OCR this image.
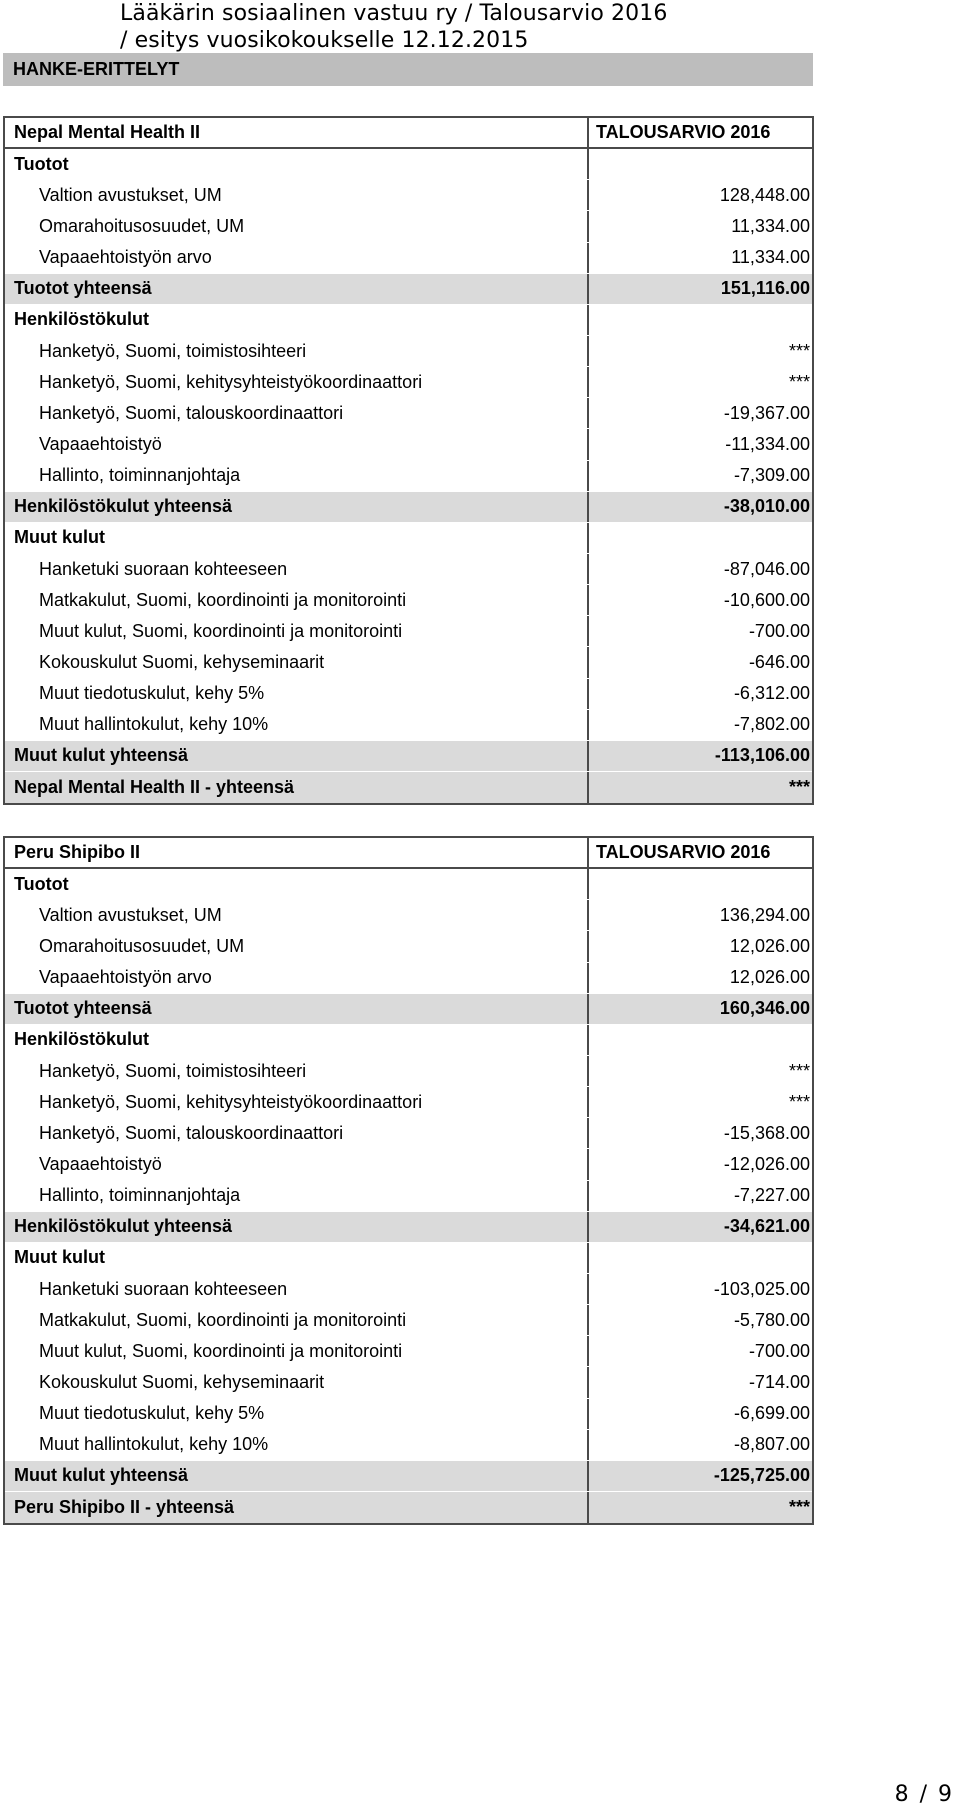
Lääkärin sosiaalinen vastuu ry / Talousarvio 2016
/ esitys vuosikokoukselle 12.12.2015
HANKE-ERITTELYT
Nepal Mental Health II	TALOUSARVIO 2016
Tuotot
Valtion avustukset, UM	128,448.00
Omarahoitusosuudet, UM	11,334.00
Vapaaehtoistyön arvo	11,334.00
Tuotot yhteensä	151,116.00
Henkilöstökulut
Hanketyö, Suomi, toimistosihteeri	***
Hanketyö, Suomi, kehitysyhteistyökoordinaattori	***
Hanketyö, Suomi, talouskoordinaattori	-19,367.00
Vapaaehtoistyö	-11,334.00
Hallinto, toiminnanjohtaja	-7,309.00
Henkilöstökulut yhteensä	-38,010.00
Muut kulut
Hanketuki suoraan kohteeseen	-87,046.00
Matkakulut, Suomi, koordinointi ja monitorointi	-10,600.00
Muut kulut, Suomi, koordinointi ja monitorointi	-700.00
Kokouskulut Suomi, kehyseminaarit	-646.00
Muut tiedotuskulut, kehy 5%	-6,312.00
Muut hallintokulut, kehy 10%	-7,802.00
Muut kulut yhteensä	-113,106.00
Nepal Mental Health II - yhteensä	***
Peru Shipibo II	TALOUSARVIO 2016
Tuotot
Valtion avustukset, UM	136,294.00
Omarahoitusosuudet, UM	12,026.00
Vapaaehtoistyön arvo	12,026.00
Tuotot yhteensä	160,346.00
Henkilöstökulut
Hanketyö, Suomi, toimistosihteeri	***
Hanketyö, Suomi, kehitysyhteistyökoordinaattori	***
Hanketyö, Suomi, talouskoordinaattori	-15,368.00
Vapaaehtoistyö	-12,026.00
Hallinto, toiminnanjohtaja	-7,227.00
Henkilöstökulut yhteensä	-34,621.00
Muut kulut
Hanketuki suoraan kohteeseen	-103,025.00
Matkakulut, Suomi, koordinointi ja monitorointi	-5,780.00
Muut kulut, Suomi, koordinointi ja monitorointi	-700.00
Kokouskulut Suomi, kehyseminaarit	-714.00
Muut tiedotuskulut, kehy 5%	-6,699.00
Muut hallintokulut, kehy 10%	-8,807.00
Muut kulut yhteensä	-125,725.00
Peru Shipibo II - yhteensä	***
8 / 9
